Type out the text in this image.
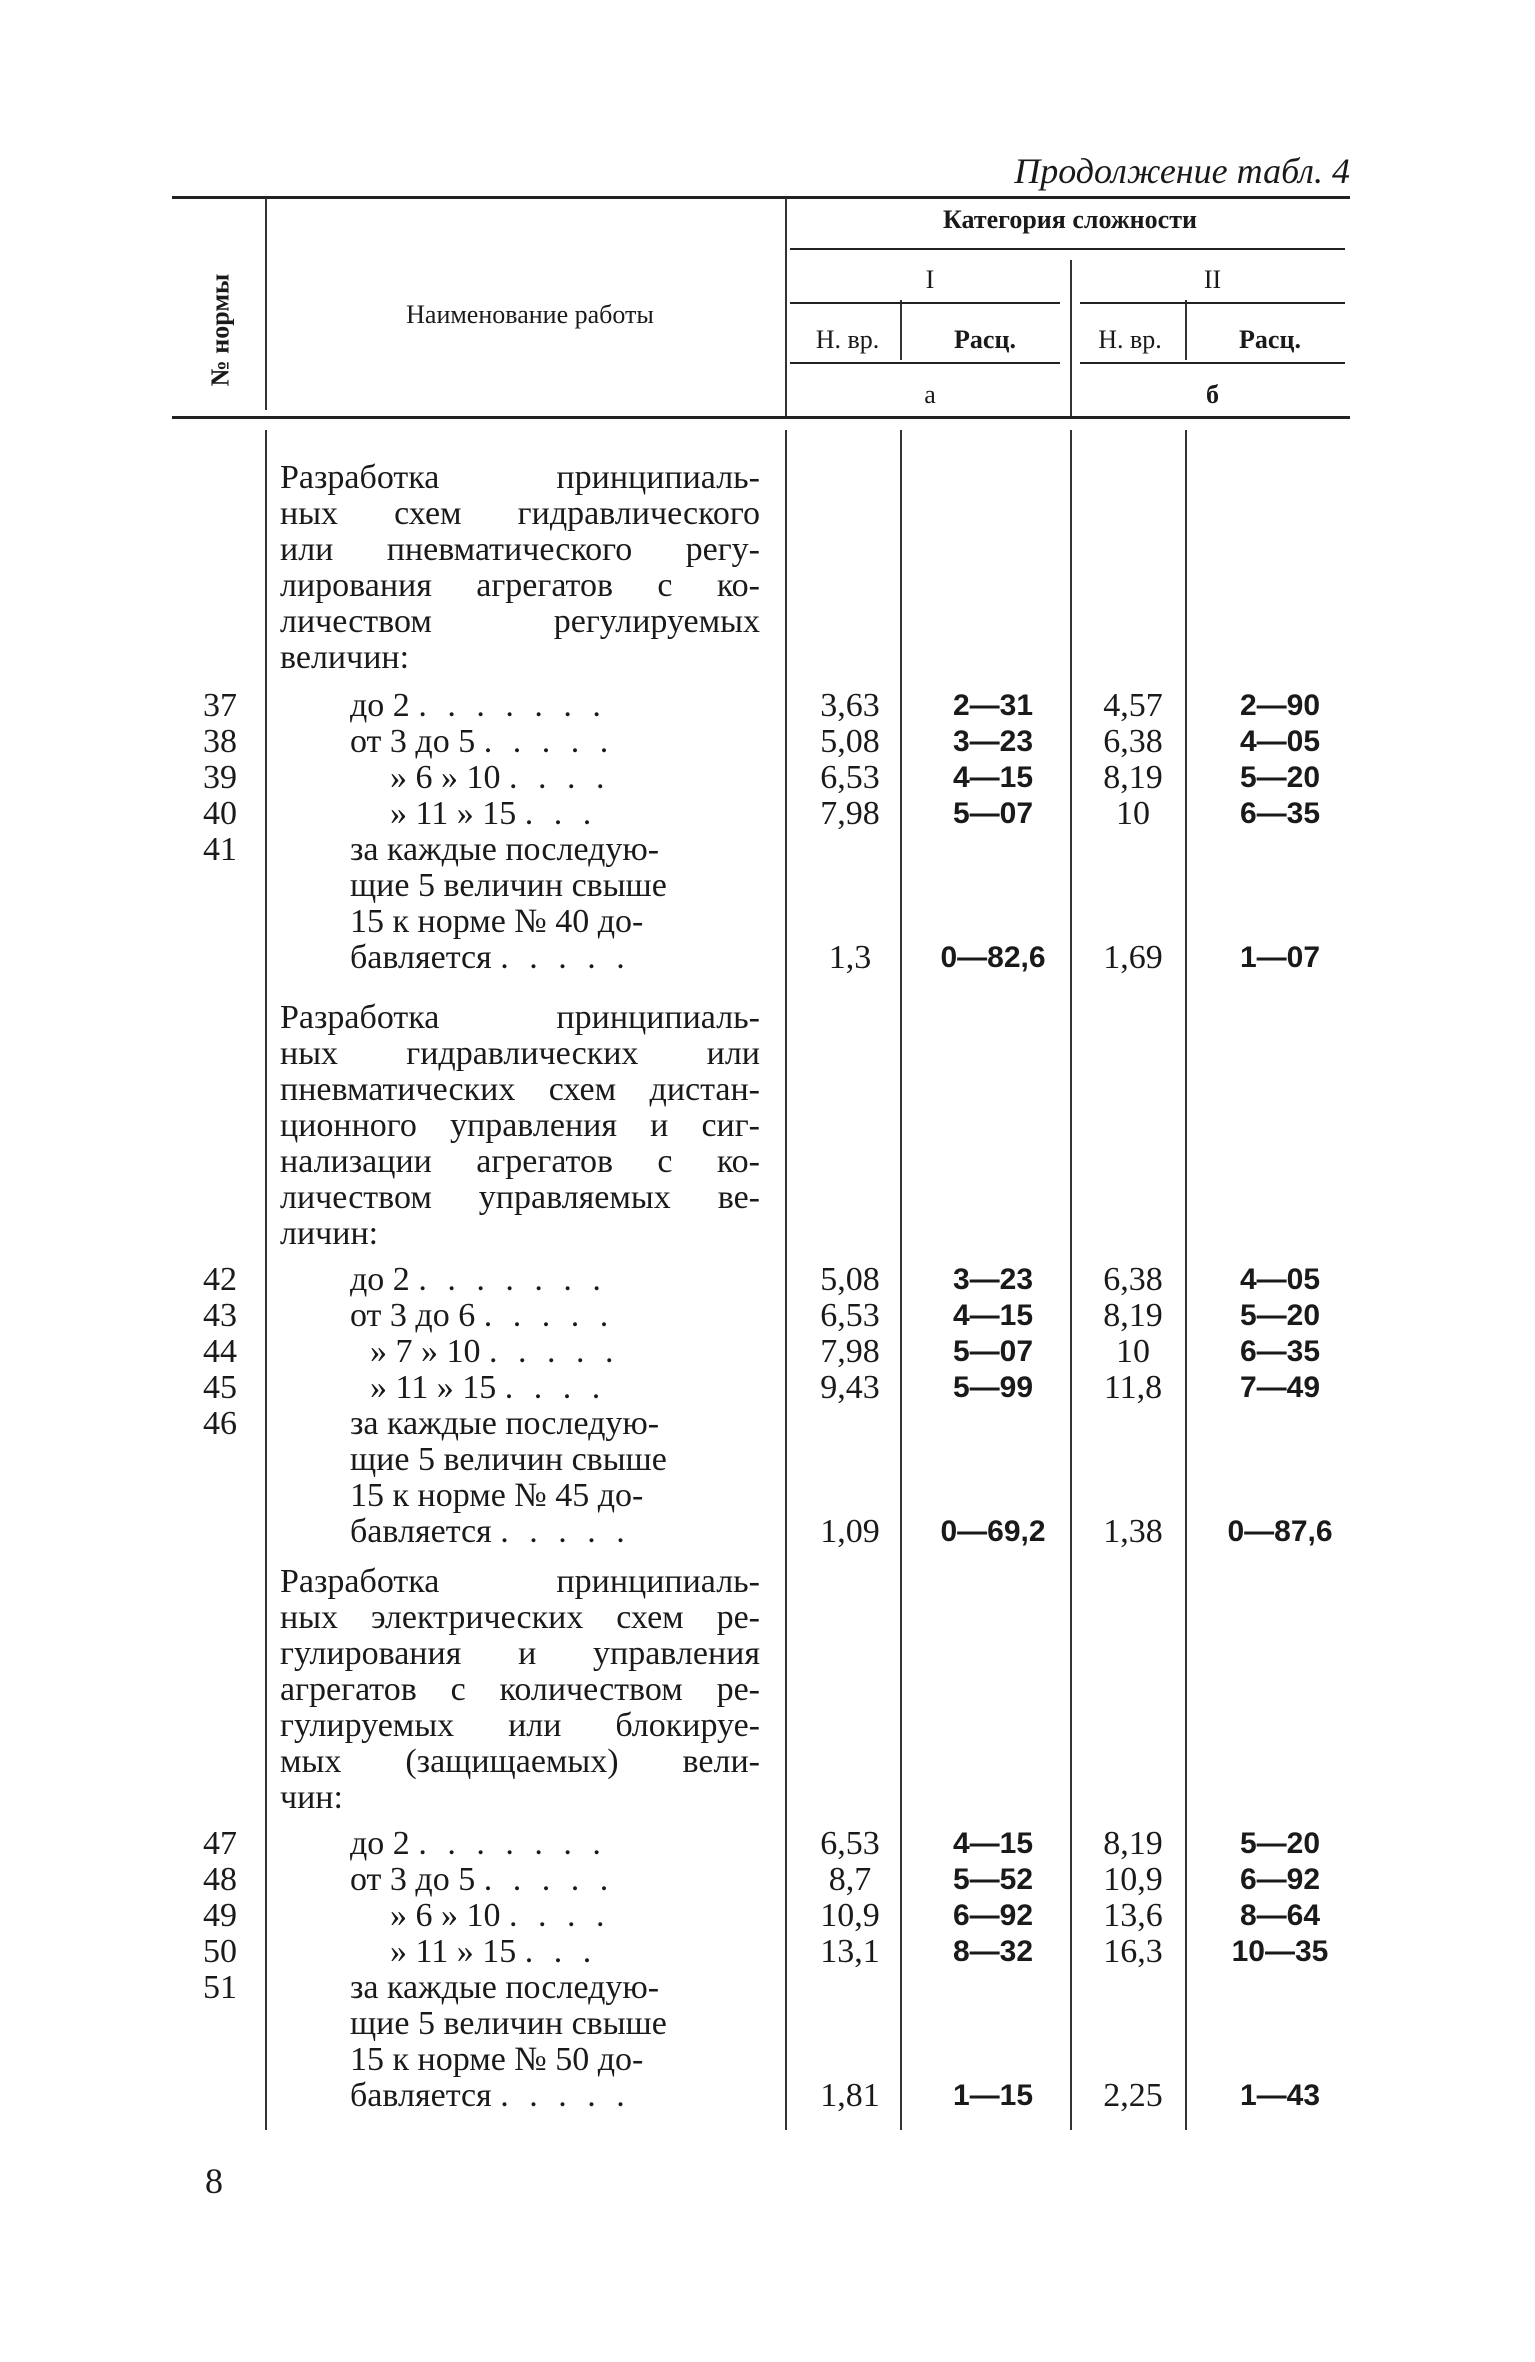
Продолжение табл. 4
№ нормы	Наименование работы
Категория сложности
I	II
Н. вр.	Расц.	Н. вр.	Расц.
а	б
Разработка принципиаль-
ных схем гидравлического
или пневматического регу-
лирования агрегатов с ко-
личеством регулируемых
величин:
37	до 2 . . . . . . .	3,63	2—31	4,57	2—90
38	от 3 до 5 . . . . .	5,08	3—23	6,38	4—05
39	» 6 » 10 . . . .	6,53	4—15	8,19	5—20
40	» 11 » 15 . . .	7,98	5—07	10	6—35
41	за каждые последую-
щие 5 величин свыше
15 к норме № 40 до-
бавляется . . . . .	1,3	0—82,6	1,69	1—07
Разработка принципиаль-
ных гидравлических или
пневматических схем дистан-
ционного управления и сиг-
нализации агрегатов с ко-
личеством управляемых ве-
личин:
42	до 2 . . . . . . .	5,08	3—23	6,38	4—05
43	от 3 до 6 . . . . .	6,53	4—15	8,19	5—20
44	» 7 » 10 . . . . .	7,98	5—07	10	6—35
45	» 11 » 15 . . . .	9,43	5—99	11,8	7—49
46	за каждые последую-
щие 5 величин свыше
15 к норме № 45 до-
бавляется . . . . .	1,09	0—69,2	1,38	0—87,6
Разработка принципиаль-
ных электрических схем ре-
гулирования и управления
агрегатов с количеством ре-
гулируемых или блокируе-
мых (защищаемых) вели-
чин:
47	до 2 . . . . . . .	6,53	4—15	8,19	5—20
48	от 3 до 5 . . . . .	8,7	5—52	10,9	6—92
49	» 6 » 10 . . . .	10,9	6—92	13,6	8—64
50	» 11 » 15 . . .	13,1	8—32	16,3	10—35
51	за каждые последую-
щие 5 величин свыше
15 к норме № 50 до-
бавляется . . . . .	1,81	1—15	2,25	1—43
8
